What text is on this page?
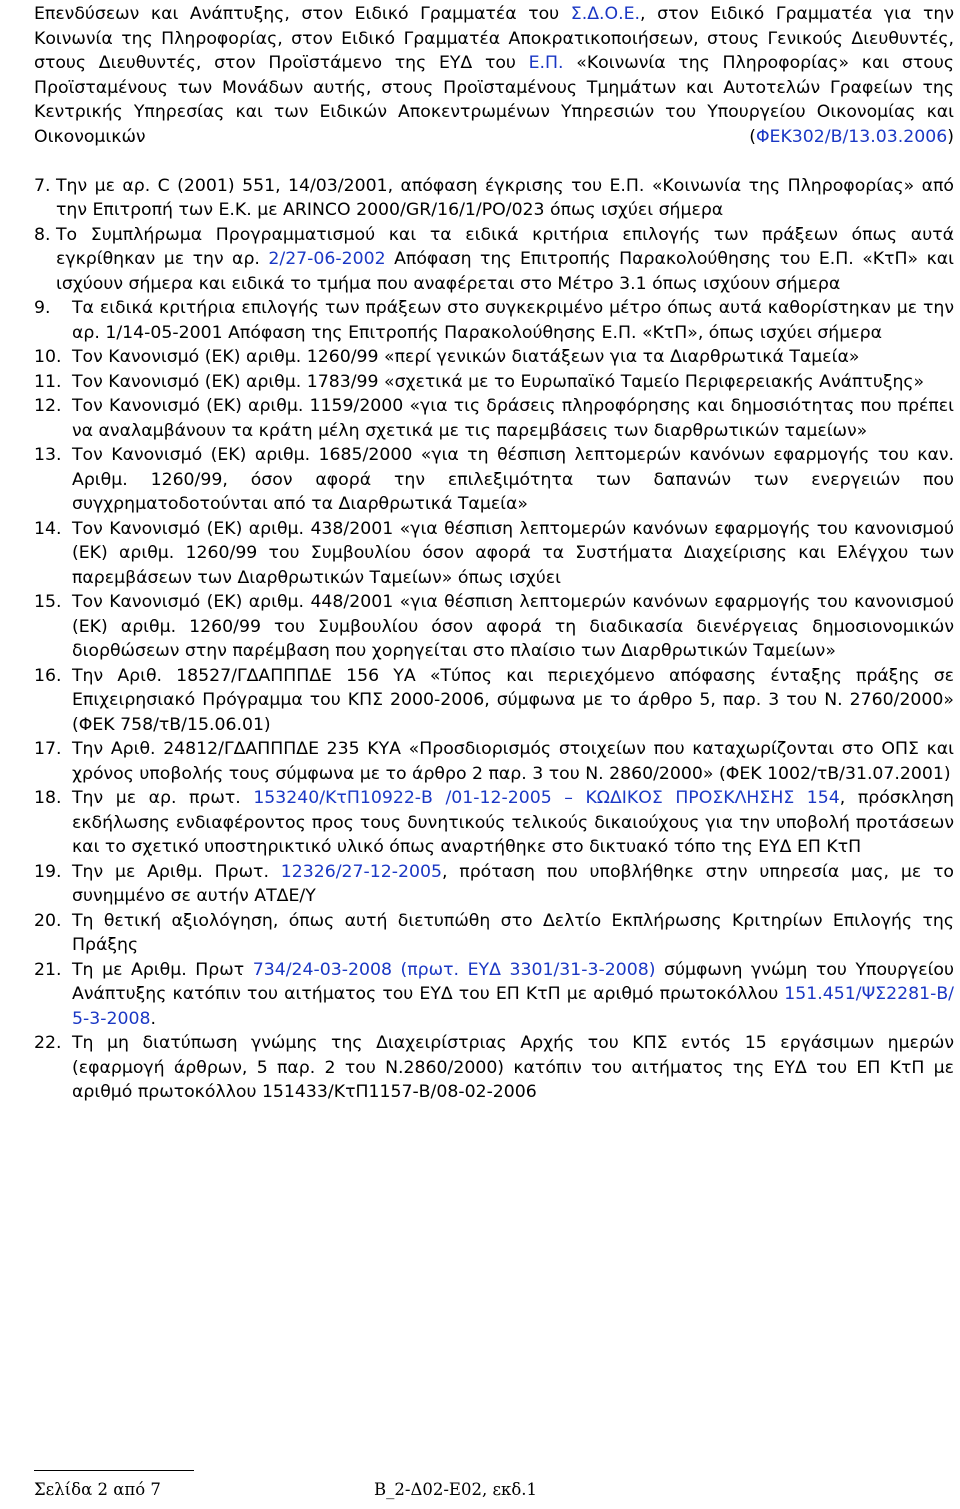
Επενδύσεων και Ανάπτυξης, στον Ειδικό Γραμματέα του Σ.Δ.Ο.Ε., στον Ειδικό Γραμματέα για την Κοινωνία της Πληροφορίας, στον Ειδικό Γραμματέα Αποκρατικοποιήσεων, στους Γενικούς Διευθυντές, στους Διευθυντές, στον Προϊστάμενο της ΕΥΔ του Ε.Π. «Κοινωνία της Πληροφορίας» και στους Προϊσταμένους των Μονάδων αυτής, στους Προϊσταμένους Τμημάτων και Αυτοτελών Γραφείων της Κεντρικής Υπηρεσίας και των Ειδικών Αποκεντρωμένων Υπηρεσιών του Υπουργείου Οικονομίας και Οικονομικών (ΦΕΚ302/Β/13.03.2006)

7. Την με αρ. C (2001) 551, 14/03/2001, απόφαση έγκρισης του Ε.Π. «Κοινωνία της Πληροφορίας» από την Επιτροπή των Ε.Κ. με ARINCO 2000/GR/16/1/PO/023 όπως ισχύει σήμερα
8. Το Συμπλήρωμα Προγραμματισμού και τα ειδικά κριτήρια επιλογής των πράξεων όπως αυτά εγκρίθηκαν με την αρ. 2/27-06-2002 Απόφαση της Επιτροπής Παρακολούθησης του Ε.Π. «ΚτΠ» και ισχύουν σήμερα και ειδικά το τμήμα που αναφέρεται στο Μέτρο 3.1 όπως ισχύουν σήμερα
9.	Τα ειδικά κριτήρια επιλογής των πράξεων στο συγκεκριμένο μέτρο όπως αυτά καθορίστηκαν με την αρ. 1/14-05-2001 Απόφαση της Επιτροπής Παρακολούθησης Ε.Π. «ΚτΠ», όπως ισχύει σήμερα
10. Τον Κανονισμό (ΕΚ) αριθμ. 1260/99 «περί γενικών διατάξεων για τα Διαρθρωτικά Ταμεία»
11. Τον Κανονισμό (ΕΚ) αριθμ. 1783/99 «σχετικά με το Ευρωπαϊκό Ταμείο Περιφερειακής Ανάπτυξης»
12. Τον Κανονισμό (ΕΚ) αριθμ. 1159/2000 «για τις δράσεις πληροφόρησης και δημοσιότητας που πρέπει να αναλαμβάνουν τα κράτη μέλη σχετικά με τις παρεμβάσεις των διαρθρωτικών ταμείων»
13. Τον Κανονισμό (ΕΚ) αριθμ. 1685/2000 «για τη θέσπιση λεπτομερών κανόνων εφαρμογής του καν. Αριθμ. 1260/99, όσον αφορά την επιλεξιμότητα των δαπανών των ενεργειών που συγχρηματοδοτούνται από τα Διαρθρωτικά Ταμεία»
14. Τον Κανονισμό (ΕΚ) αριθμ. 438/2001 «για θέσπιση λεπτομερών κανόνων εφαρμογής του κανονισμού (ΕΚ) αριθμ. 1260/99 του Συμβουλίου όσον αφορά τα Συστήματα Διαχείρισης και Ελέγχου των παρεμβάσεων των Διαρθρωτικών Ταμείων» όπως ισχύει
15. Τον Κανονισμό (ΕΚ) αριθμ. 448/2001 «για θέσπιση λεπτομερών κανόνων εφαρμογής του κανονισμού (ΕΚ) αριθμ. 1260/99 του Συμβουλίου όσον αφορά τη διαδικασία διενέργειας δημοσιονομικών διορθώσεων στην παρέμβαση που χορηγείται στο πλαίσιο των Διαρθρωτικών Ταμείων»
16. Την Αριθ. 18527/ΓΔΑΠΠΠΔΕ 156 ΥΑ «Τύπος και περιεχόμενο απόφασης ένταξης πράξης σε Επιχειρησιακό Πρόγραμμα του ΚΠΣ 2000-2006, σύμφωνα με το άρθρο 5, παρ. 3 του Ν. 2760/2000» (ΦΕΚ 758/τΒ/15.06.01)
17. Την Αριθ. 24812/ΓΔΑΠΠΠΔΕ 235 ΚΥΑ «Προσδιορισμός στοιχείων που καταχωρίζονται στο ΟΠΣ και χρόνος υποβολής τους σύμφωνα με το άρθρο 2 παρ. 3 του Ν. 2860/2000» (ΦΕΚ 1002/τΒ/31.07.2001)
18. Την με αρ. πρωτ. 153240/ΚτΠ10922-Β /01-12-2005 – ΚΩΔΙΚΟΣ ΠΡΟΣΚΛΗΣΗΣ 154, πρόσκληση εκδήλωσης ενδιαφέροντος προς τους δυνητικούς τελικούς δικαιούχους για την υποβολή προτάσεων και το σχετικό υποστηρικτικό υλικό όπως αναρτήθηκε στο δικτυακό τόπο της ΕΥΔ ΕΠ ΚτΠ
19. Την με Αριθμ. Πρωτ. 12326/27-12-2005, πρόταση που υποβλήθηκε στην υπηρεσία μας, με το συνημμένο σε αυτήν ΑΤΔΕ/Υ
20. Τη θετική αξιολόγηση, όπως αυτή διετυπώθη στο Δελτίο Εκπλήρωσης Κριτηρίων Επιλογής της Πράξης
21. Τη με Αριθμ. Πρωτ 734/24-03-2008 (πρωτ. ΕΥΔ 3301/31-3-2008) σύμφωνη γνώμη του Υπουργείου Ανάπτυξης κατόπιν του αιτήματος του ΕΥΔ του ΕΠ ΚτΠ με αριθμό πρωτοκόλλου 151.451/ΨΣ2281-Β/ 5-3-2008.
22. Τη μη διατύπωση γνώμης της Διαχειρίστριας Αρχής του ΚΠΣ εντός 15 εργάσιμων ημερών (εφαρμογή άρθρων, 5 παρ. 2 του Ν.2860/2000) κατόπιν του αιτήματος της ΕΥΔ του ΕΠ ΚτΠ με αριθμό πρωτοκόλλου 151433/ΚτΠ1157-Β/08-02-2006
Σελίδα 2 από 7	Β_2-Δ02-Ε02, εκδ.1
